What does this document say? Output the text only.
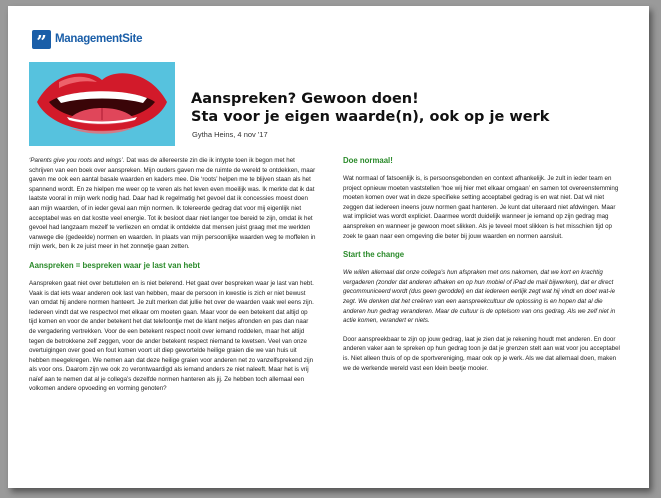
” ManagementSite
Aanspreken? Gewoon doen!
Sta voor je eigen waarde(n), ook op je werk
Gytha Heins, 4 nov '17

‘Parents give you roots and wings’. Dat was de allereerste zin die ik intypte toen ik begon met het schrijven van een boek over aanspreken. Mijn ouders gaven me de ruimte de wereld te ontdekken, maar gaven me ook een aantal basale waarden en kaders mee. Die ‘roots’ helpen me te blijven staan als het spannend wordt. En ze hielpen me weer op te veren als het leven even moeilijk was. Ik merkte dat ik dat laatste vooral in mijn werk nodig had. Daar had ik regelmatig het gevoel dat ik concessies moest doen aan mijn waarden, of in ieder geval aan mijn normen. Ik tolereerde gedrag dat voor mij eigenlijk niet acceptabel was en dat kostte veel energie. Tot ik besloot daar niet langer toe bereid te zijn, omdat ik het gevoel had langzaam mezelf te verliezen en omdat ik ontdekte dat mensen juist graag met me werkten vanwege die (gedeelde) normen en waarden. In plaats van mijn persoonlijke waarden weg te moffelen in mijn werk, ben ik ze juist meer in het zonnetje gaan zetten.

Aanspreken = bespreken waar je last van hebt

Aanspreken gaat niet over betuttelen en is niet belerend. Het gaat over bespreken waar je last van hebt. Vaak is dat iets waar anderen ook last van hebben, maar de persoon in kwestie is zich er niet bewust van omdat hij andere normen hanteert. Je zult merken dat jullie het over de waarden vaak wel eens zijn. Iedereen vindt dat we respectvol met elkaar om moeten gaan. Maar voor de een betekent dat altijd op tijd komen en voor de ander betekent het dat telefoontje met de klant netjes afronden en pas dan naar de vergadering vertrekken. Voor de een betekent respect nooit over iemand roddelen, maar het altijd tegen de betrokkene zelf zeggen, voor de ander betekent respect niemand te kwetsen. Veel van onze overtuigingen over goed en fout komen voort uit diep gewortelde heilige graien die we van huis uit hebben meegekregen. We nemen aan dat deze heilige graien voor anderen net zo vanzelfsprekend zijn als voor ons. Daarom zijn we ook zo verontwaardigd als iemand anders ze niet naleeft. Maar het is vrij naïef aan te nemen dat al je collega’s dezelfde normen hanteren als jij. Ze hebben toch allemaal een volkomen andere opvoeding en vorming genoten?

Doe normaal!

Wat normaal of fatsoenlijk is, is persoonsgebonden en context afhankelijk. Je zult in ieder team en project opnieuw moeten vaststellen ‘hoe wij hier met elkaar omgaan’ en samen tot overeenstemming moeten komen over wat in deze specifieke setting acceptabel gedrag is en wat niet. Dat wil niet zeggen dat iedereen ineens jouw normen gaat hanteren. Je kunt dat uiteraard niet afdwingen. Maar wat impliciet was wordt expliciet. Daarmee wordt duidelijk wanneer je iemand op zijn gedrag mag aanspreken en wanneer je gewoon moet slikken. Als je teveel moet slikken is het misschien tijd op zoek te gaan naar een omgeving die beter bij jouw waarden en normen aansluit.

Start the change

We willen allemaal dat onze collega’s hun afspraken met ons nakomen, dat we kort en krachtig vergaderen (zonder dat anderen afhaken en op hun mobiel of iPad de mail bijwerken), dat er direct gecommuniceerd wordt (dus geen geroddel) en dat iedereen eerlijk zegt wat hij vindt en doet wat-ie zegt. We denken dat het creëren van een aanspreekcultuur de oplossing is en hopen dat al die anderen hun gedrag veranderen. Maar de cultuur is de optelsom van ons gedrag. Als we zelf niet in actie komen, verandert er niets.

Door aanspreekbaar te zijn op jouw gedrag, laat je zien dat je rekening houdt met anderen. En door anderen vaker aan te spreken op hun gedrag toon je dat je grenzen stelt aan wat voor jou acceptabel is. Niet alleen thuis of op de sportvereniging, maar ook op je werk. Als we dat allemaal doen, maken we de werkende wereld vast een klein beetje mooier.
